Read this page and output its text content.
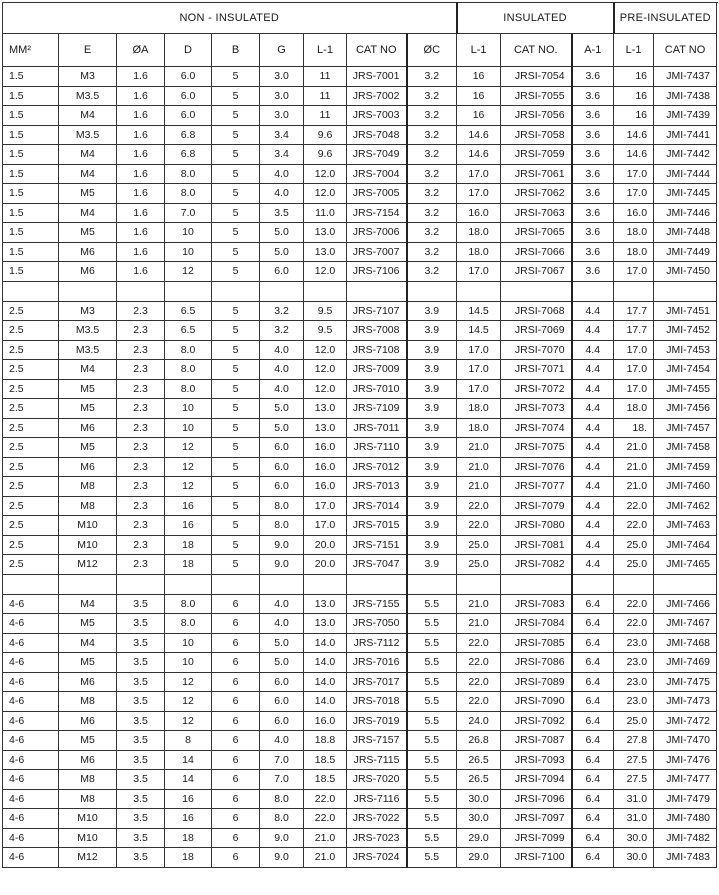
NON - INSULATED									INSULATED			PRE-INSULATED	
MM²	E	ØA	D	B	G	L-1	CAT NO	ØC	L-1	CAT NO.	A-1	L-1	CAT NO
1.5	M3	1.6	6.0	5	3.0	11	JRS-7001	3.2	16	JRSI-7054	3.6	16	JMI-7437
1.5	M3.5	1.6	6.0	5	3.0	11	JRS-7002	3.2	16	JRSI-7055	3.6	16	JMI-7438
1.5	M4	1.6	6.0	5	3.0	11	JRS-7003	3.2	16	JRSI-7056	3.6	16	JMI-7439
1.5	M3.5	1.6	6.8	5	3.4	9.6	JRS-7048	3.2	14.6	JRSI-7058	3.6	14.6	JMI-7441
1.5	M4	1.6	6.8	5	3.4	9.6	JRS-7049	3.2	14.6	JRSI-7059	3.6	14.6	JMI-7442
1.5	M4	1.6	8.0	5	4.0	12.0	JRS-7004	3.2	17.0	JRSI-7061	3.6	17.0	JMI-7444
1.5	M5	1.6	8.0	5	4.0	12.0	JRS-7005	3.2	17.0	JRSI-7062	3.6	17.0	JMI-7445
1.5	M4	1.6	7.0	5	3.5	11.0	JRS-7154	3.2	16.0	JRSI-7063	3.6	16.0	JMI-7446
1.5	M5	1.6	10	5	5.0	13.0	JRS-7006	3.2	18.0	JRSI-7065	3.6	18.0	JMI-7448
1.5	M6	1.6	10	5	5.0	13.0	JRS-7007	3.2	18.0	JRSI-7066	3.6	18.0	JMI-7449
1.5	M6	1.6	12	5	6.0	12.0	JRS-7106	3.2	17.0	JRSI-7067	3.6	17.0	JMI-7450

2.5	M3	2.3	6.5	5	3.2	9.5	JRS-7107	3.9	14.5	JRSI-7068	4.4	17.7	JMI-7451
2.5	M3.5	2.3	6.5	5	3.2	9.5	JRS-7008	3.9	14.5	JRSI-7069	4.4	17.7	JMI-7452
2.5	M3.5	2.3	8.0	5	4.0	12.0	JRS-7108	3.9	17.0	JRSI-7070	4.4	17.0	JMI-7453
2.5	M4	2.3	8.0	5	4.0	12.0	JRS-7009	3.9	17.0	JRSI-7071	4.4	17.0	JMI-7454
2.5	M5	2.3	8.0	5	4.0	12.0	JRS-7010	3.9	17.0	JRSI-7072	4.4	17.0	JMI-7455
2.5	M5	2.3	10	5	5.0	13.0	JRS-7109	3.9	18.0	JRSI-7073	4.4	18.0	JMI-7456
2.5	M6	2.3	10	5	5.0	13.0	JRS-7011	3.9	18.0	JRSI-7074	4.4	18.	JMI-7457
2.5	M5	2.3	12	5	6.0	16.0	JRS-7110	3.9	21.0	JRSI-7075	4.4	21.0	JMI-7458
2.5	M6	2.3	12	5	6.0	16.0	JRS-7012	3.9	21.0	JRSI-7076	4.4	21.0	JMI-7459
2.5	M8	2.3	12	5	6.0	16.0	JRS-7013	3.9	21.0	JRSI-7077	4.4	21.0	JMI-7460
2.5	M8	2.3	16	5	8.0	17.0	JRS-7014	3.9	22.0	JRSI-7079	4.4	22.0	JMI-7462
2.5	M10	2.3	16	5	8.0	17.0	JRS-7015	3.9	22.0	JRSI-7080	4.4	22.0	JMI-7463
2.5	M10	2.3	18	5	9.0	20.0	JRS-7151	3.9	25.0	JRSI-7081	4.4	25.0	JMI-7464
2.5	M12	2.3	18	5	9.0	20.0	JRS-7047	3.9	25.0	JRSI-7082	4.4	25.0	JMI-7465

4-6	M4	3.5	8.0	6	4.0	13.0	JRS-7155	5.5	21.0	JRSI-7083	6.4	22.0	JMI-7466
4-6	M5	3.5	8.0	6	4.0	13.0	JRS-7050	5.5	21.0	JRSI-7084	6.4	22.0	JMI-7467
4-6	M4	3.5	10	6	5.0	14.0	JRS-7112	5.5	22.0	JRSI-7085	6.4	23.0	JMI-7468
4-6	M5	3.5	10	6	5.0	14.0	JRS-7016	5.5	22.0	JRSI-7086	6.4	23.0	JMI-7469
4-6	M6	3.5	12	6	6.0	14.0	JRS-7017	5.5	22.0	JRSI-7089	6.4	23.0	JMI-7475
4-6	M8	3.5	12	6	6.0	14.0	JRS-7018	5.5	22.0	JRSI-7090	6.4	23.0	JMI-7473
4-6	M6	3.5	12	6	6.0	16.0	JRS-7019	5.5	24.0	JRSI-7092	6.4	25.0	JMI-7472
4-6	M5	3.5	8	6	4.0	18.8	JRS-7157	5.5	26.8	JRSI-7087	6.4	27.8	JMI-7470
4-6	M6	3.5	14	6	7.0	18.5	JRS-7115	5.5	26.5	JRSI-7093	6.4	27.5	JMI-7476
4-6	M8	3.5	14	6	7.0	18.5	JRS-7020	5.5	26.5	JRSI-7094	6.4	27.5	JMI-7477
4-6	M8	3.5	16	6	8.0	22.0	JRS-7116	5.5	30.0	JRSI-7096	6.4	31.0	JMI-7479
4-6	M10	3.5	16	6	8.0	22.0	JRS-7022	5.5	30.0	JRSI-7097	6.4	31.0	JMI-7480
4-6	M10	3.5	18	6	9.0	21.0	JRS-7023	5.5	29.0	JRSI-7099	6.4	30.0	JMI-7482
4-6	M12	3.5	18	6	9.0	21.0	JRS-7024	5.5	29.0	JRSI-7100	6.4	30.0	JMI-7483
